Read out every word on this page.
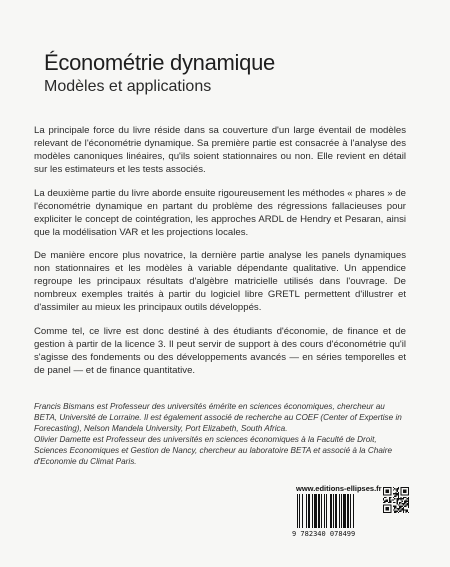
Économétrie dynamique
Modèles et applications

La principale force du livre réside dans sa couverture d'un large éventail de modèles relevant de l'économétrie dynamique. Sa première partie est consacrée à l'analyse des modèles canoniques linéaires, qu'ils soient stationnaires ou non. Elle revient en détail sur les estimateurs et les tests associés.

La deuxième partie du livre aborde ensuite rigoureusement les méthodes « phares » de l'économétrie dynamique en partant du problème des régressions fallacieuses pour expliciter le concept de cointégration, les approches ARDL de Hendry et Pesaran, ainsi que la modélisation VAR et les projections locales.

De manière encore plus novatrice, la dernière partie analyse les panels dynamiques non stationnaires et les modèles à variable dépendante qualitative. Un appendice regroupe les principaux résultats d'algèbre matricielle utilisés dans l'ouvrage. De nombreux exemples traités à partir du logiciel libre GRETL permettent d'illustrer et d'assimiler au mieux les principaux outils développés.

Comme tel, ce livre est donc destiné à des étudiants d'économie, de finance et de gestion à partir de la licence 3. Il peut servir de support à des cours d'économétrie qu'il s'agisse des fondements ou des développements avancés — en séries temporelles et de panel — et de finance quantitative.

Francis Bismans est Professeur des universités émérite en sciences économiques, chercheur au BETA, Université de Lorraine. Il est également associé de recherche au COEF (Center of Expertise in Forecasting), Nelson Mandela University, Port Elizabeth, South Africa.

Olivier Damette est Professeur des universités en sciences économiques à la Faculté de Droit, Sciences Economiques et Gestion de Nancy, chercheur au laboratoire BETA et associé à la Chaire d'Economie du Climat Paris.

www.editions-ellipses.fr
9 782340 078499
